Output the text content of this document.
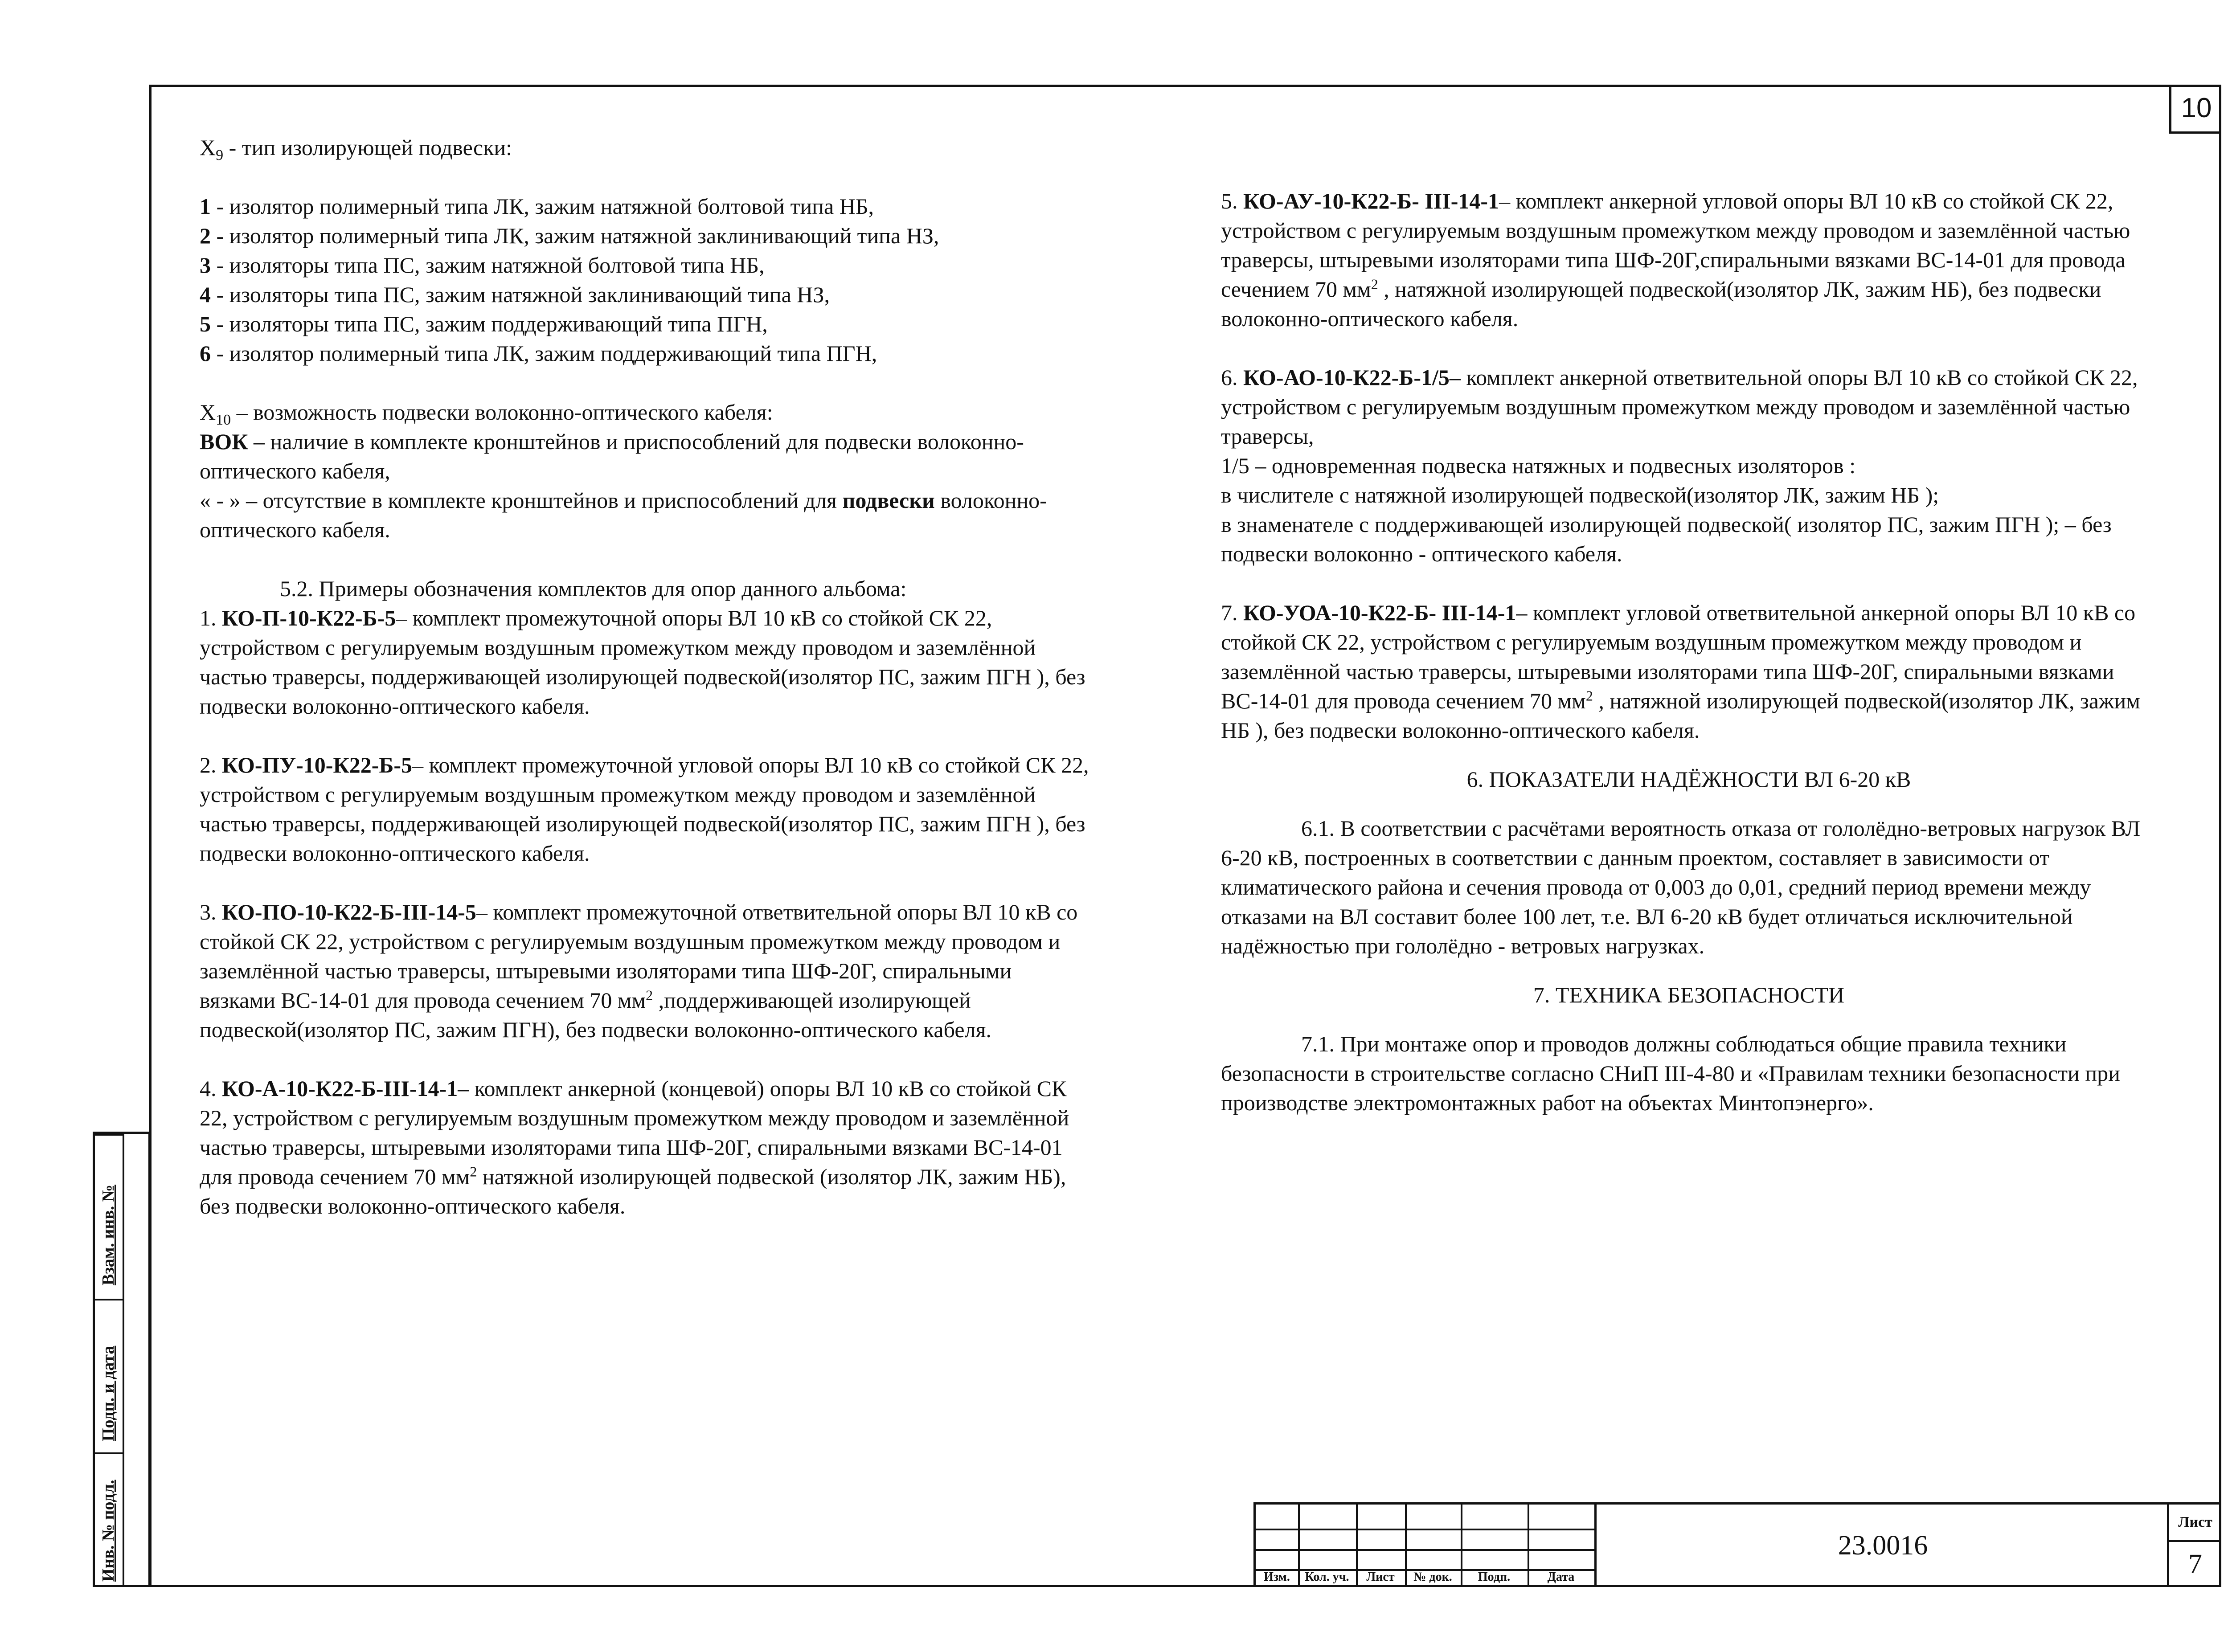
10
Инв. № подл.
Подп. и дата
Взам. инв. №

$X_9$ - тип изолирующей подвески:

1 - изолятор полимерный типа ЛК, зажим натяжной болтовой типа НБ,

2 - изолятор полимерный типа ЛК, зажим натяжной заклинивающий типа НЗ,

3 - изоляторы типа ПС, зажим натяжной болтовой типа НБ,

4 - изоляторы типа ПС, зажим натяжной заклинивающий типа НЗ,

5 - изоляторы типа ПС, зажим поддерживающий типа ПГН,

6 - изолятор полимерный типа ЛК, зажим поддерживающий типа ПГН,

$X_{10}$ – возможность подвески волоконно-оптического кабеля:

ВОК – наличие в комплекте кронштейнов и приспособлений для подвески волоконно-оптического кабеля,

« - » – отсутствие в комплекте кронштейнов и приспособлений для подвески волоконно-оптического кабеля.

5.2. Примеры обозначения комплектов для опор данного альбома:

1. КО-П-10-К22-Б-5– комплект промежуточной опоры ВЛ 10 кВ со стойкой СК 22, устройством с регулируемым воздушным промежутком между проводом и заземлённой частью траверсы, поддерживающей изолирующей подвеской(изолятор ПС, зажим ПГН ), без подвески волоконно-оптического кабеля.

2. КО-ПУ-10-К22-Б-5– комплект промежуточной угловой опоры ВЛ 10 кВ со стойкой СК 22, устройством с регулируемым воздушным промежутком между проводом и заземлённой частью траверсы, поддерживающей изолирующей подвеской(изолятор ПС, зажим ПГН ), без подвески волоконно-оптического кабеля.

3. КО-ПО-10-К22-Б-III-14-5– комплект промежуточной ответвительной опоры ВЛ 10 кВ со стойкой СК 22, устройством с регулируемым воздушным промежутком между проводом и заземлённой частью траверсы, штыревыми изоляторами типа ШФ-20Г, спиральными вязками ВС-14-01 для провода сечением 70 $мм^2$ ,поддерживающей изолирующей подвеской(изолятор ПС, зажим ПГН), без подвески волоконно-оптического кабеля.

4. КО-А-10-К22-Б-III-14-1– комплект анкерной (концевой) опоры ВЛ 10 кВ со стойкой СК 22, устройством с регулируемым воздушным промежутком между проводом и заземлённой частью траверсы, штыревыми изоляторами типа ШФ-20Г, спиральными вязками ВС-14-01 для провода сечением 70 $мм^2$ натяжной изолирующей подвеской (изолятор ЛК, зажим НБ), без подвески волоконно-оптического кабеля.

5. КО-АУ-10-К22-Б- III-14-1– комплект анкерной угловой опоры ВЛ 10 кВ со стойкой СК 22, устройством с регулируемым воздушным промежутком между проводом и заземлённой частью траверсы, штыревыми изоляторами типа ШФ-20Г,спиральными вязками ВС-14-01 для провода сечением 70 $мм^2$ , натяжной изолирующей подвеской(изолятор ЛК, зажим НБ), без подвески волоконно-оптического кабеля.

6. КО-АО-10-К22-Б-1/5– комплект анкерной ответвительной опоры ВЛ 10 кВ со стойкой СК 22, устройством с регулируемым воздушным промежутком между проводом и заземлённой частью траверсы,

1/5 – одновременная подвеска натяжных и подвесных изоляторов :

в числителе с натяжной изолирующей подвеской(изолятор ЛК, зажим НБ );

в знаменателе с поддерживающей изолирующей подвеской( изолятор ПС, зажим ПГН ); – без подвески волоконно - оптического кабеля.

7. КО-УОА-10-К22-Б- III-14-1– комплект угловой ответвительной анкерной опоры ВЛ 10 кВ со стойкой СК 22, устройством с регулируемым воздушным промежутком между проводом и заземлённой частью траверсы, штыревыми изоляторами типа ШФ-20Г, спиральными вязками ВС-14-01 для провода сечением 70 $мм^2$ , натяжной изолирующей подвеской(изолятор ЛК, зажим НБ ), без подвески волоконно-оптического кабеля.

6. ПОКАЗАТЕЛИ НАДЁЖНОСТИ ВЛ 6-20 кВ

6.1. В соответствии с расчётами вероятность отказа от гололёдно-ветровых нагрузок ВЛ 6-20 кВ, построенных в соответствии с данным проектом, составляет в зависимости от климатического района и сечения провода от 0,003 до 0,01, средний период времени между отказами на ВЛ составит более 100 лет, т.е. ВЛ 6-20 кВ будет отличаться исключительной надёжностью при гололёдно - ветровых нагрузках.

7. ТЕХНИКА БЕЗОПАСНОСТИ

7.1. При монтаже опор и проводов должны соблюдаться общие правила техники безопасности в строительстве согласно СНиП III-4-80 и «Правилам техники безопасности при производстве электромонтажных работ на объектах Минтопэнерго».

Изм.	Кол. уч.	Лист	№ док.	Подп.	Дата
23.0016
Лист
7
